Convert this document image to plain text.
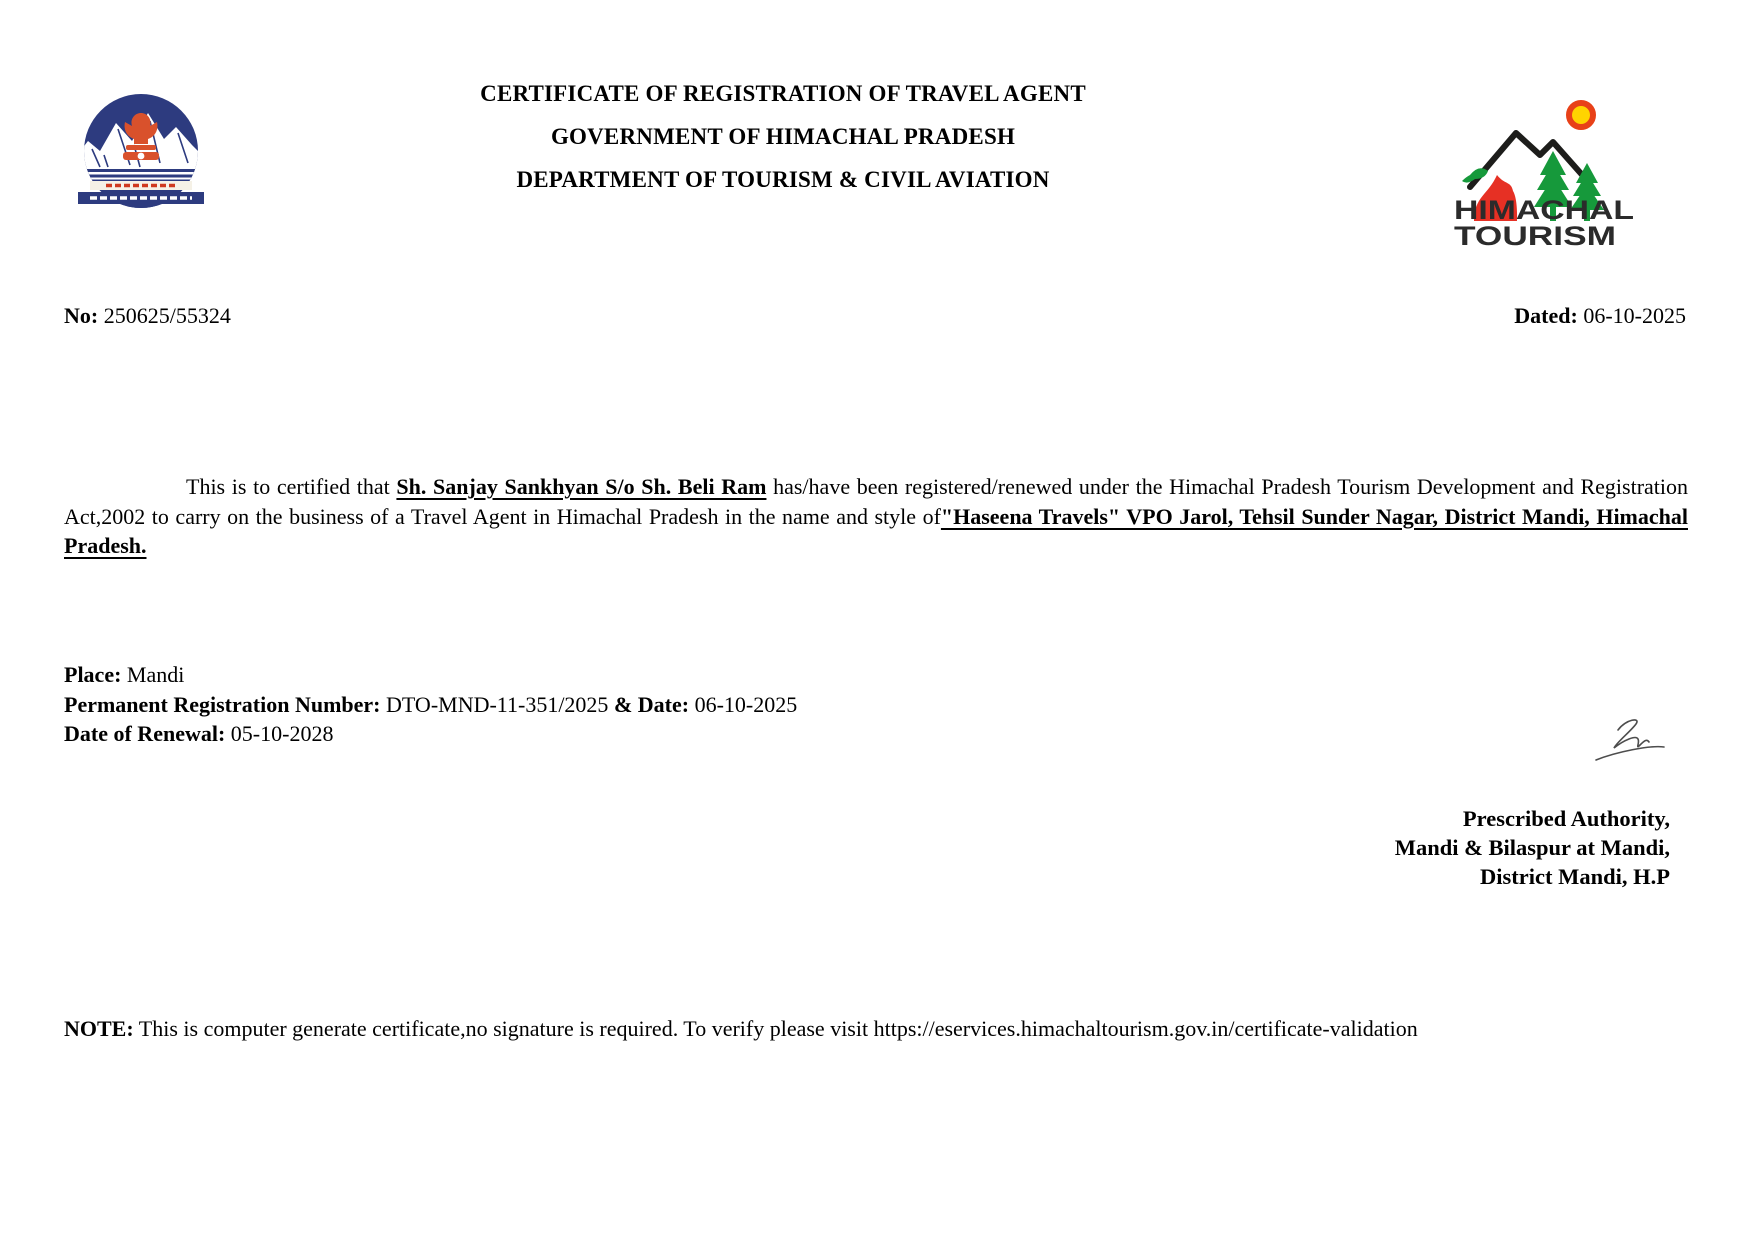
CERTIFICATE OF REGISTRATION OF TRAVEL AGENT
GOVERNMENT OF HIMACHAL PRADESH
DEPARTMENT OF TOURISM & CIVIL AVIATION
HIMACHAL
TOURISM
No: 250625/55324	Dated: 06-10-2025
This is to certified that Sh. Sanjay Sankhyan S/o Sh. Beli Ram has/have been registered/renewed under the Himachal Pradesh Tourism Development and Registration Act,2002 to carry on the business of a Travel Agent in Himachal Pradesh in the name and style of"Haseena Travels" VPO Jarol, Tehsil Sunder Nagar, District Mandi, Himachal Pradesh.
Place: Mandi
Permanent Registration Number: DTO-MND-11-351/2025 & Date: 06-10-2025
Date of Renewal: 05-10-2028
Prescribed Authority,
Mandi & Bilaspur at Mandi,
District Mandi, H.P
NOTE: This is computer generate certificate,no signature is required. To verify please visit https://eservices.himachaltourism.gov.in/certificate-validation
